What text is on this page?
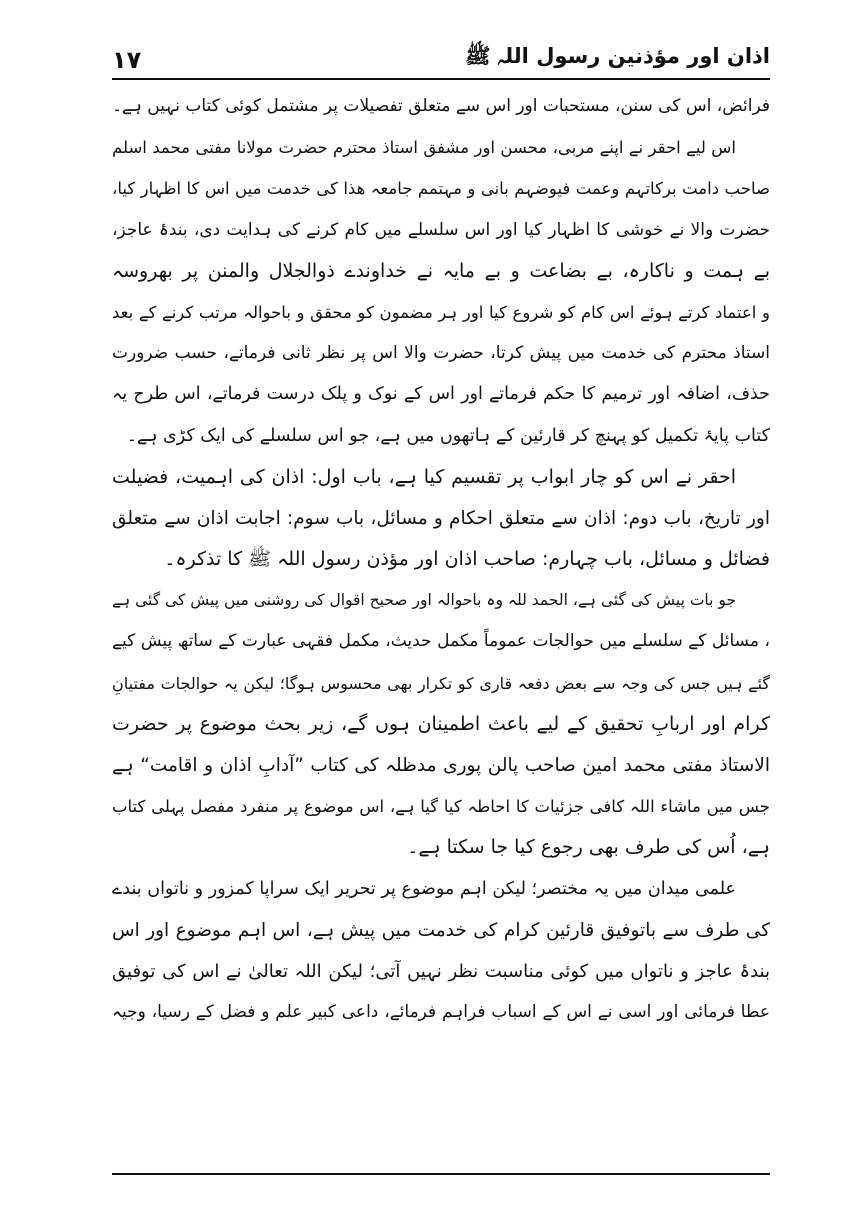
اذان اور مؤذنین رسول اللہ ﷺ
۱۷
فرائض، اس کی سنن، مستحبات اور اس سے متعلق تفصیلات پر مشتمل کوئی کتاب نہیں ہے۔
اس لیے احقر نے اپنے مربی، محسن اور مشفق استاذ محترم حضرت مولانا مفتی محمد اسلم
صاحب دامت برکاتہم وعمت فیوضہم بانی و مہتمم جامعہ ھذا کی خدمت میں اس کا اظہار کیا،
حضرت والا نے خوشی کا اظہار کیا اور اس سلسلے میں کام کرنے کی ہدایت دی، بندۂ عاجز،
بے ہمت و ناکارہ، بے بضاعت و بے مایہ نے خداوندے ذوالجلال والمنن پر بھروسہ
و اعتماد کرتے ہوئے اس کام کو شروع کیا اور ہر مضمون کو محقق و باحوالہ مرتب کرنے کے بعد
استاذ محترم کی خدمت میں پیش کرتا، حضرت والا اس پر نظر ثانی فرماتے، حسب ضرورت
حذف، اضافہ اور ترمیم کا حکم فرماتے اور اس کے نوک و پلک درست فرماتے، اس طرح یہ
کتاب پایۂ تکمیل کو پہنچ کر قارئین کے ہاتھوں میں ہے، جو اس سلسلے کی ایک کڑی ہے۔
احقر نے اس کو چار ابواب پر تقسیم کیا ہے، باب اول: اذان کی اہمیت، فضیلت
اور تاریخ، باب دوم: اذان سے متعلق احکام و مسائل، باب سوم: اجابت اذان سے متعلق
فضائل و مسائل، باب چہارم: صاحب اذان اور مؤذن رسول اللہ ﷺ کا تذکرہ۔
جو بات پیش کی گئی ہے، الحمد للہ وہ باحوالہ اور صحیح اقوال کی روشنی میں پیش کی گئی ہے
، مسائل کے سلسلے میں حوالجات عموماً مکمل حدیث، مکمل فقہی عبارت کے ساتھ پیش کیے
گئے ہیں جس کی وجہ سے بعض دفعہ قاری کو تکرار بھی محسوس ہوگا؛ لیکن یہ حوالجات مفتیانِ
کرام اور اربابِ تحقیق کے لیے باعث اطمینان ہوں گے، زیر بحث موضوع پر حضرت
الاستاذ مفتی محمد امین صاحب پالن پوری مدظلہ کی کتاب ”آدابِ اذان و اقامت“ ہے
جس میں ماشاء اللہ کافی جزئیات کا احاطہ کیا گیا ہے، اس موضوع پر منفرد مفصل پہلی کتاب
ہے، اُس کی طرف بھی رجوع کیا جا سکتا ہے۔
علمی میدان میں یہ مختصر؛ لیکن اہم موضوع پر تحریر ایک سراپا کمزور و ناتواں بندے
کی طرف سے باتوفیق قارئین کرام کی خدمت میں پیش ہے، اس اہم موضوع اور اس
بندۂ عاجز و ناتواں میں کوئی مناسبت نظر نہیں آتی؛ لیکن اللہ تعالیٰ نے اس کی توفیق
عطا فرمائی اور اسی نے اس کے اسباب فراہم فرمائے، داعی کبیر علم و فضل کے رسیا، وجیہ
